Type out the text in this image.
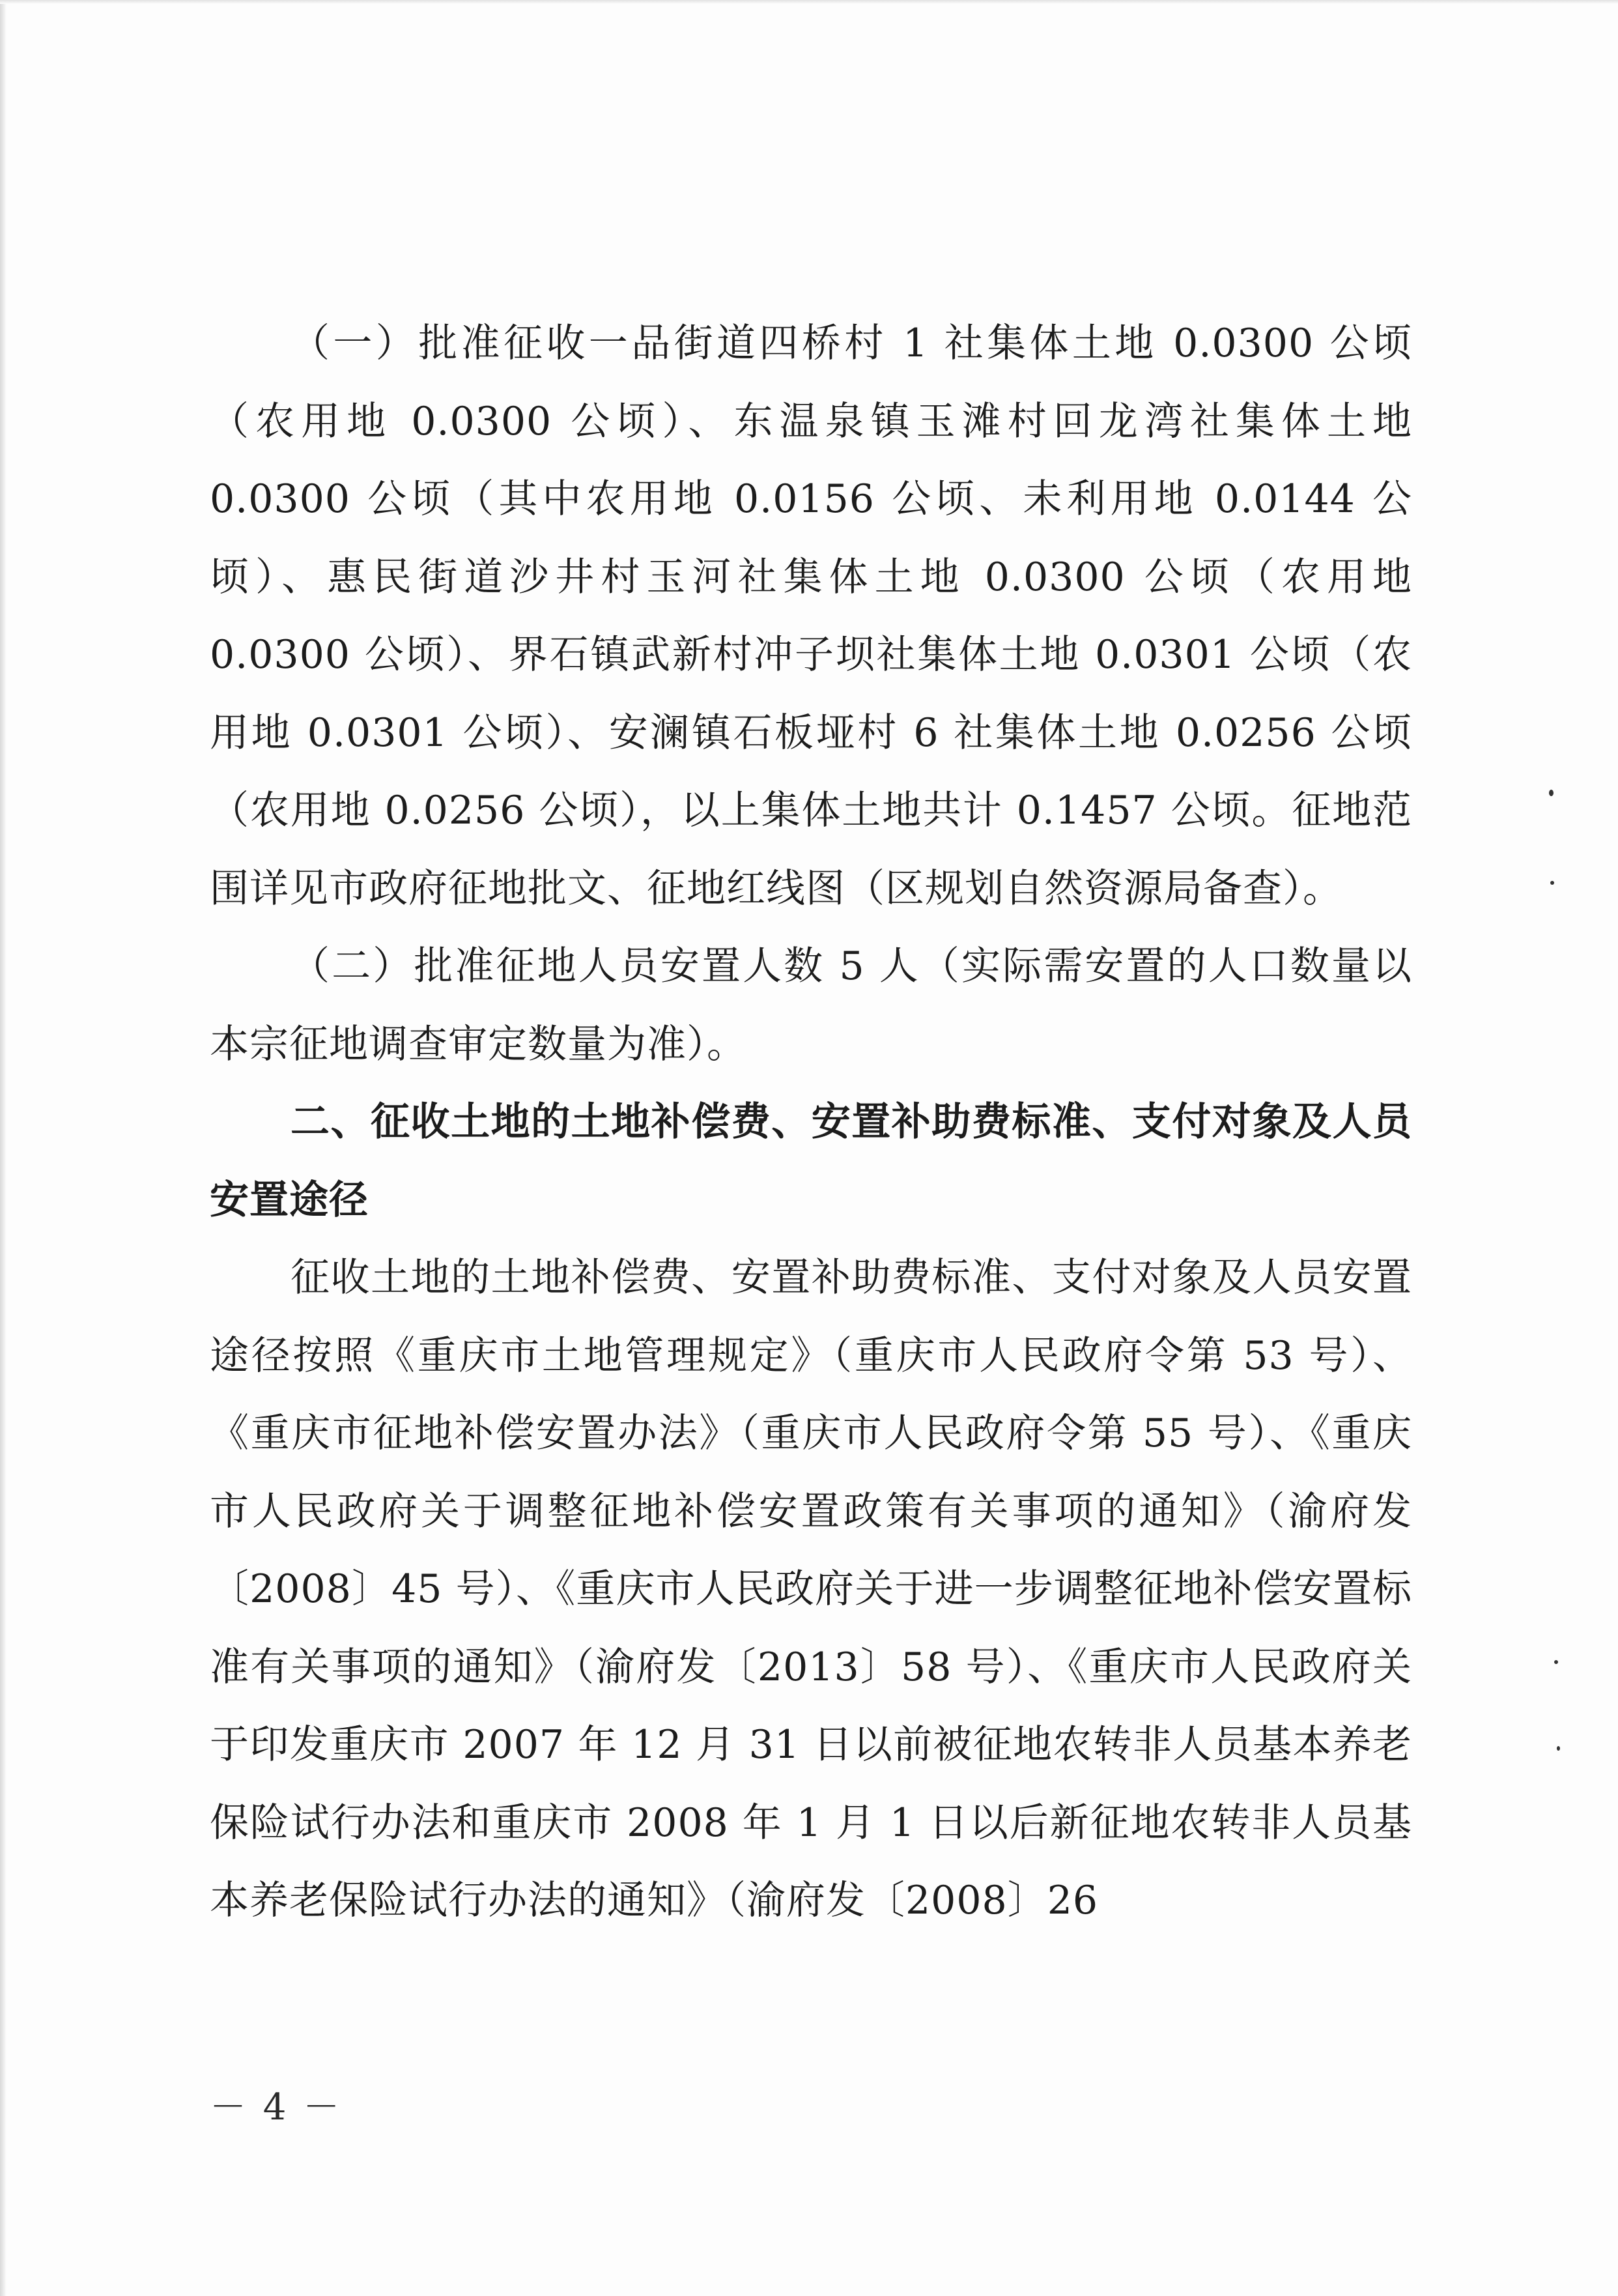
（一）批准征收一品街道四桥村 1 社集体土地 0.0300 公顷（农用地 0.0300 公顷）、东温泉镇玉滩村回龙湾社集体土地 0.0300 公顷（其中农用地 0.0156 公顷、未利用地 0.0144 公顷）、惠民街道沙井村玉河社集体土地 0.0300 公顷（农用地 0.0300 公顷）、界石镇武新村冲子坝社集体土地 0.0301 公顷（农用地 0.0301 公顷）、安澜镇石板垭村 6 社集体土地 0.0256 公顷（农用地 0.0256 公顷），以上集体土地共计 0.1457 公顷。征地范围详见市政府征地批文、征地红线图（区规划自然资源局备查）。

（二）批准征地人员安置人数 5 人（实际需安置的人口数量以本宗征地调查审定数量为准）。

二、征收土地的土地补偿费、安置补助费标准、支付对象及人员安置途径

征收土地的土地补偿费、安置补助费标准、支付对象及人员安置途径按照《重庆市土地管理规定》（重庆市人民政府令第 53 号）、《重庆市征地补偿安置办法》（重庆市人民政府令第 55 号）、《重庆市人民政府关于调整征地补偿安置政策有关事项的通知》（渝府发〔2008〕45 号）、《重庆市人民政府关于进一步调整征地补偿安置标准有关事项的通知》（渝府发〔2013〕58 号）、《重庆市人民政府关于印发重庆市 2007 年 12 月 31 日以前被征地农转非人员基本养老保险试行办法和重庆市 2008 年 1 月 1 日以后新征地农转非人员基本养老保险试行办法的通知》（渝府发〔2008〕26

－ 4 －
